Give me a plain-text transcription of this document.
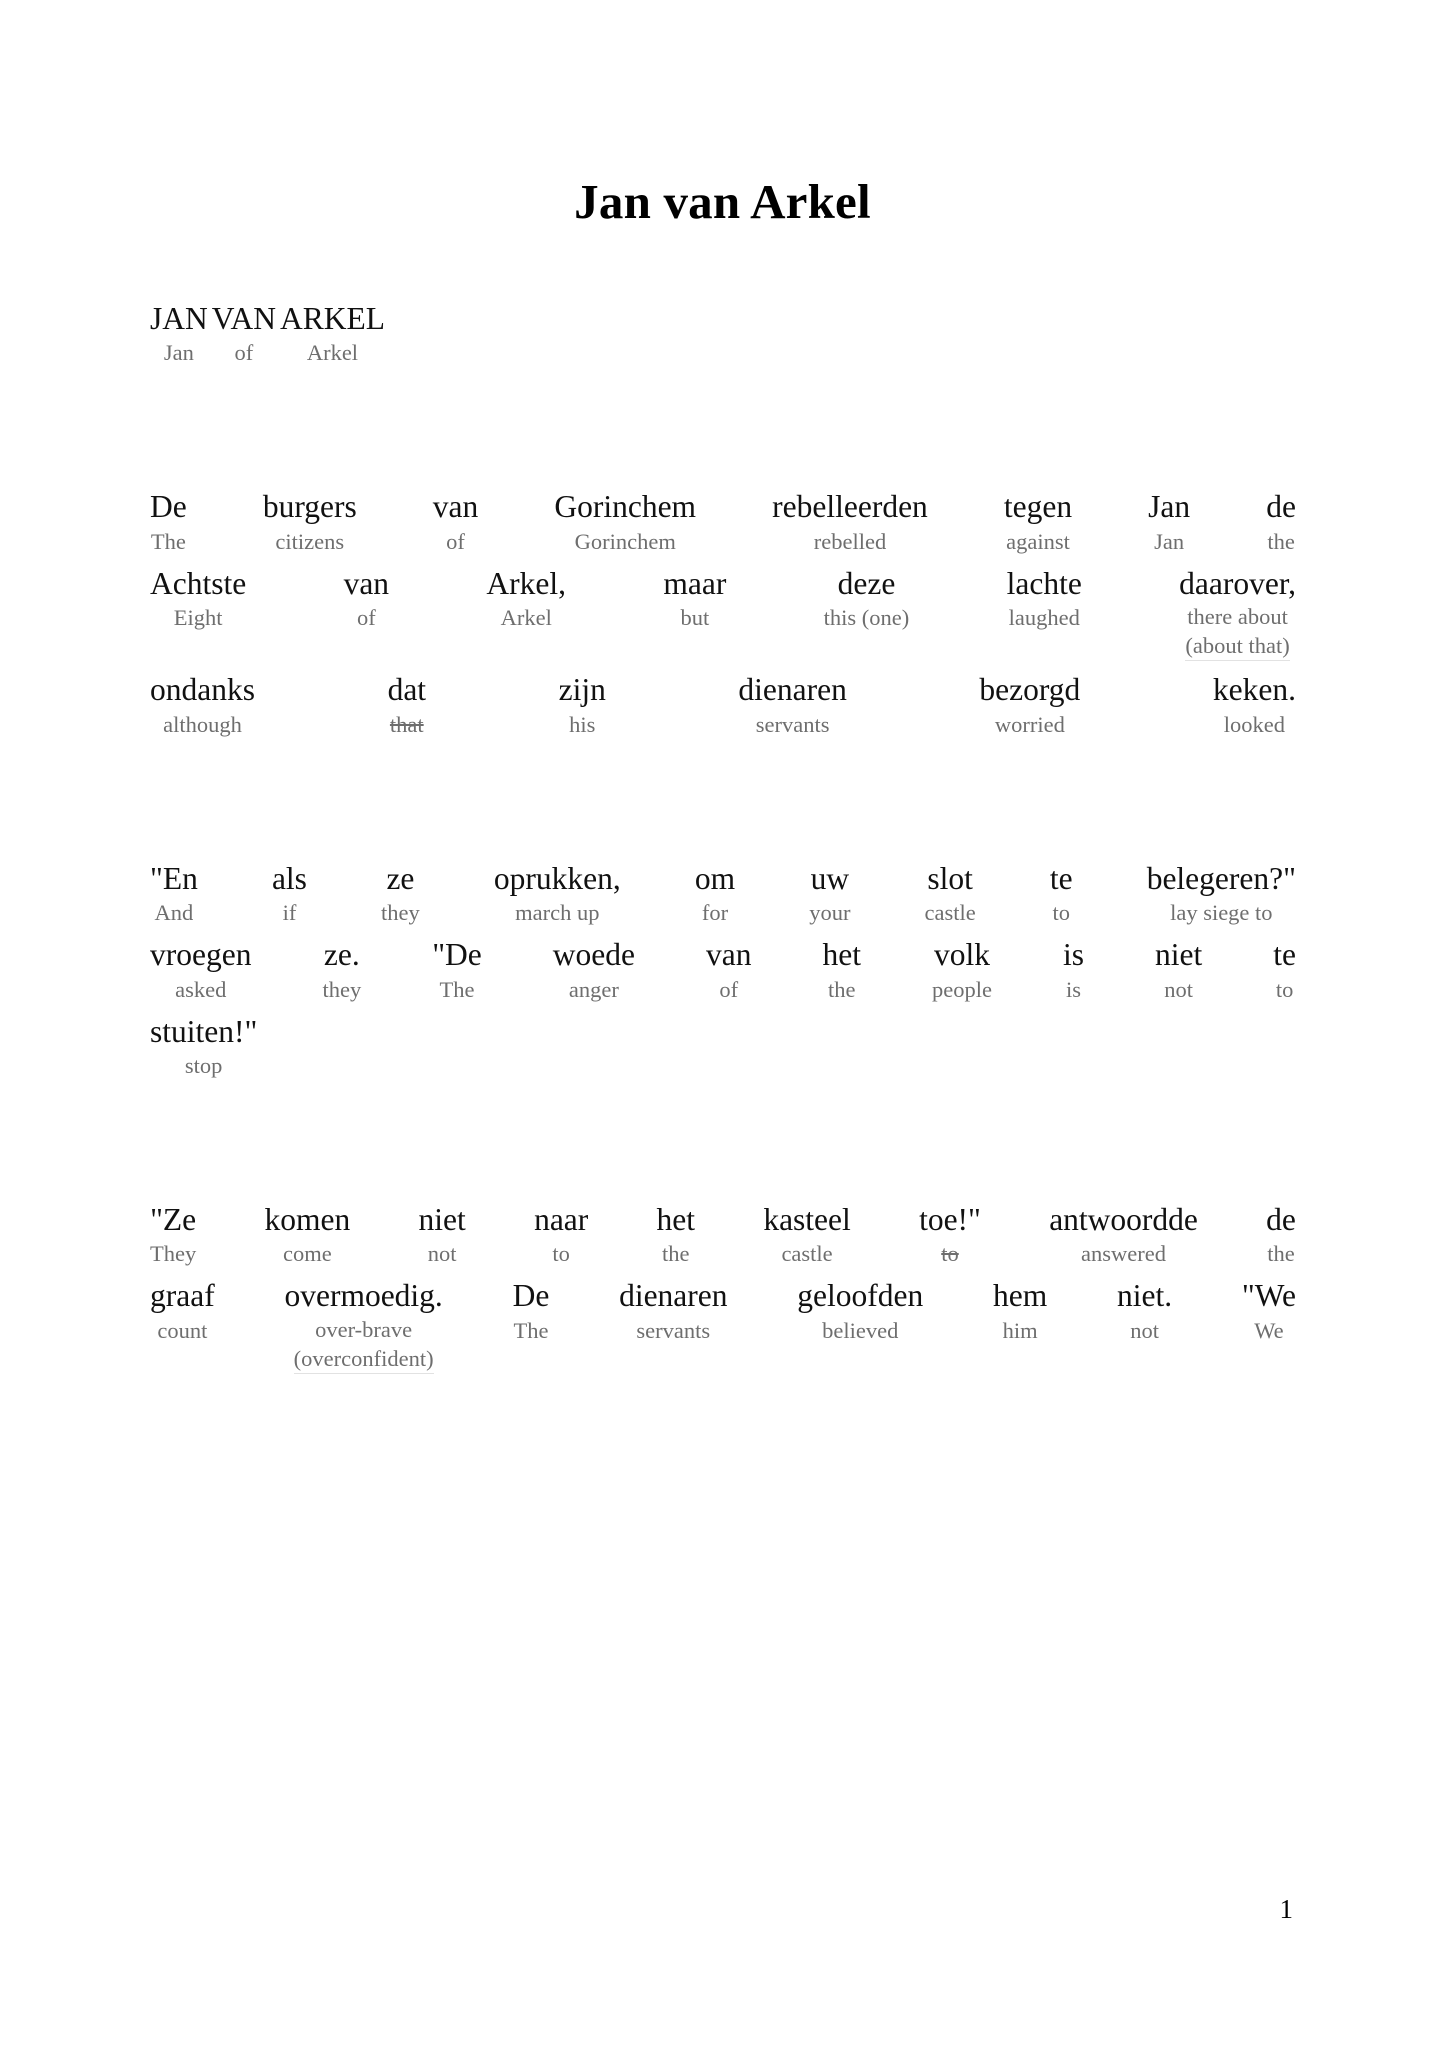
Jan van Arkel
JAN
Jan
VAN
of
ARKEL
Arkel
De
The
burgers
citizens
van
of
Gorinchem
Gorinchem
rebelleerden
rebelled
tegen
against
Jan
Jan
de
the
Achtste
Eight
van
of
Arkel,
Arkel
maar
but
deze
this (one)
lachte
laughed
daarover,
there about
(about that)
ondanks
although
dat
that
zijn
his
dienaren
servants
bezorgd
worried
keken.
looked
"En
And
als
if
ze
they
oprukken,
march up
om
for
uw
your
slot
castle
te
to
belegeren?"
lay siege to
vroegen
asked
ze.
they
"De
The
woede
anger
van
of
het
the
volk
people
is
is
niet
not
te
to
stuiten!"
stop
"Ze
They
komen
come
niet
not
naar
to
het
the
kasteel
castle
toe!"
to
antwoordde
answered
de
the
graaf
count
overmoedig.
over-brave
(overconfident)
De
The
dienaren
servants
geloofden
believed
hem
him
niet.
not
"We
We
1
